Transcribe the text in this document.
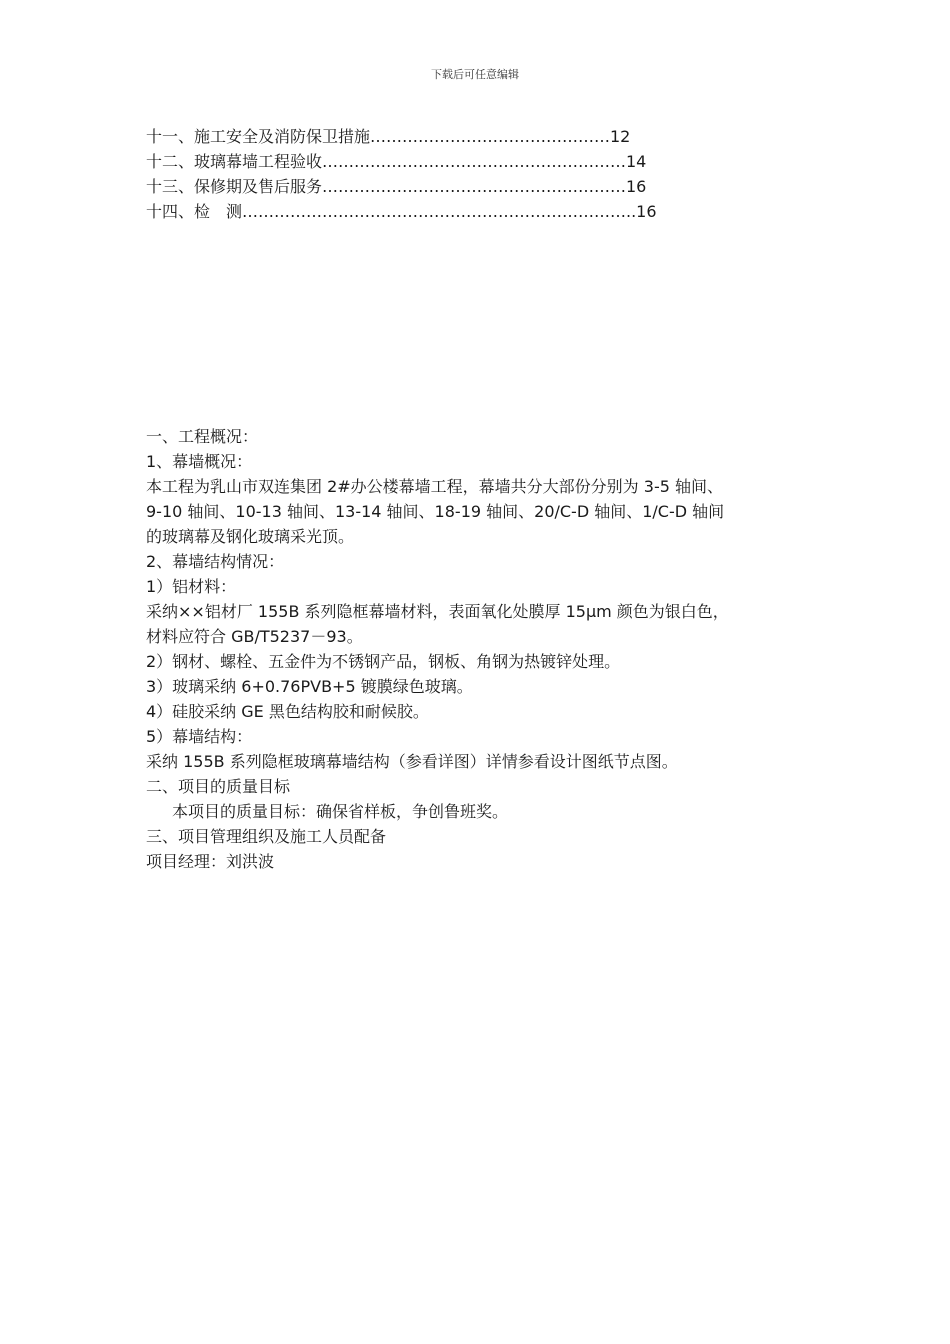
下载后可任意编辑
十一、施工安全及消防保卫措施………………………………………12
十二、玻璃幕墙工程验收…………………………………………………14
十三、保修期及售后服务…………………………………………………16
十四、检　测………………………………………………………………..16
一、工程概况：
1、幕墙概况：
本工程为乳山市双连集团 2#办公楼幕墙工程，幕墙共分大部份分别为 3-5 轴间、
9-10 轴间、10-13 轴间、13-14 轴间、18-19 轴间、20/C-D 轴间、1/C-D 轴间
的玻璃幕及钢化玻璃采光顶。
2、幕墙结构情况：
1）铝材料：
采纳××铝材厂 155B 系列隐框幕墙材料，表面氧化处膜厚 15μm 颜色为银白色，
材料应符合 GB/T5237－93。
2）钢材、螺栓、五金件为不锈钢产品，钢板、角钢为热镀锌处理。
3）玻璃采纳 6+0.76PVB+5 镀膜绿色玻璃。
4）硅胶采纳 GE 黑色结构胶和耐候胶。
5）幕墙结构：
采纳 155B 系列隐框玻璃幕墙结构（参看详图）详情参看设计图纸节点图。
二、项目的质量目标
本项目的质量目标：确保省样板，争创鲁班奖。
三、项目管理组织及施工人员配备
项目经理：刘洪波
